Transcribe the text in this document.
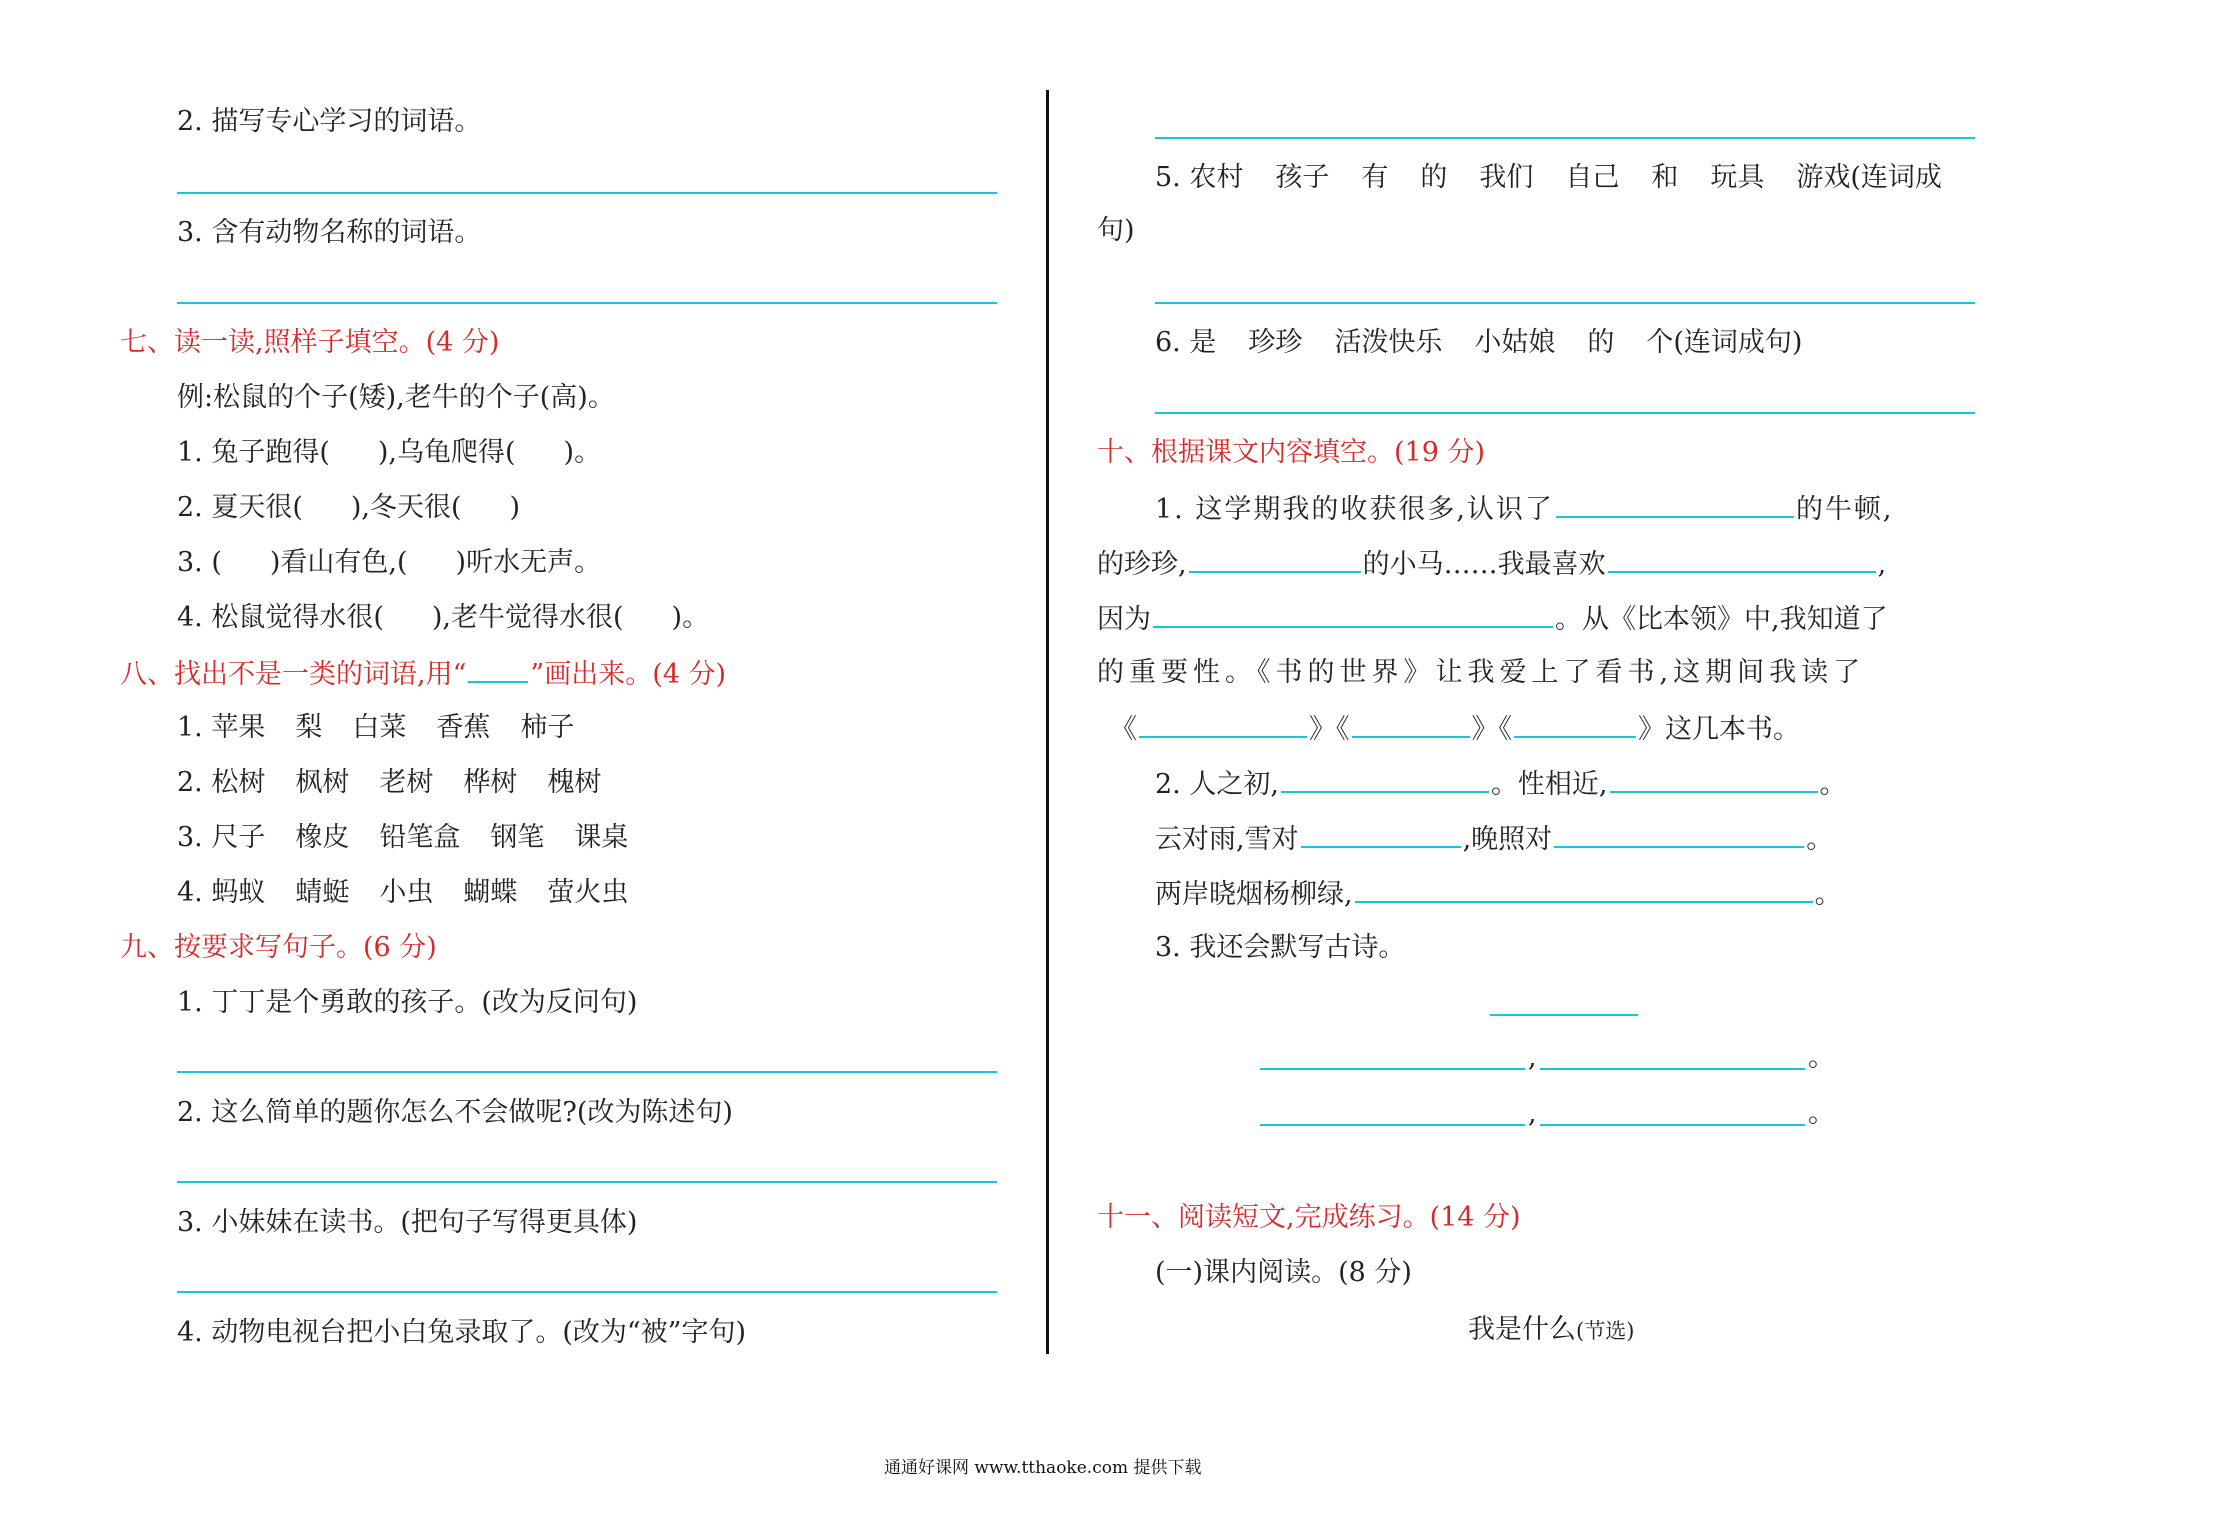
2. 描写专心学习的词语。
3. 含有动物名称的词语。
七、读一读,照样子填空。(4 分)
例:松鼠的个子(矮),老牛的个子(高)。
1. 兔子跑得( ),乌龟爬得( )。
2. 夏天很( ),冬天很( )
3. ( )看山有色,( )听水无声。
4. 松鼠觉得水很( ),老牛觉得水很( )。
八、找出不是一类的词语,用“ ”画出来。(4 分)
1. 苹果 梨 白菜 香蕉 柿子
2. 松树 枫树 老树 桦树 槐树
3. 尺子 橡皮 铅笔盒 钢笔 课桌
4. 蚂蚁 蜻蜓 小虫 蝴蝶 萤火虫
九、按要求写句子。(6 分)
1. 丁丁是个勇敢的孩子。(改为反问句)
2. 这么简单的题你怎么不会做呢?(改为陈述句)
3. 小妹妹在读书。(把句子写得更具体)
4. 动物电视台把小白兔录取了。(改为“被”字句)
5. 农村 孩子 有 的 我们 自己 和 玩具 游戏(连词成
句)
6. 是 珍珍 活泼快乐 小姑娘 的 个(连词成句)
十、根据课文内容填空。(19 分)
1. 这学期我的收获很多,认识了	的牛顿,
的珍珍,	的小马……我最喜欢	,
因为	。从《比本领》中,我知道了
的重要性。《书的世界》让我爱上了看书,这期间我读了
《	》《	》《	》这几本书。
2. 人之初,	。性相近,	。
云对雨,雪对	,晚照对	。
两岸晓烟杨柳绿,	。
3. 我还会默写古诗。
,	。
,	。
十一、阅读短文,完成练习。(14 分)
(一)课内阅读。(8 分)
我是什么(节选)
通通好课网 www.tthaoke.com 提供下载
